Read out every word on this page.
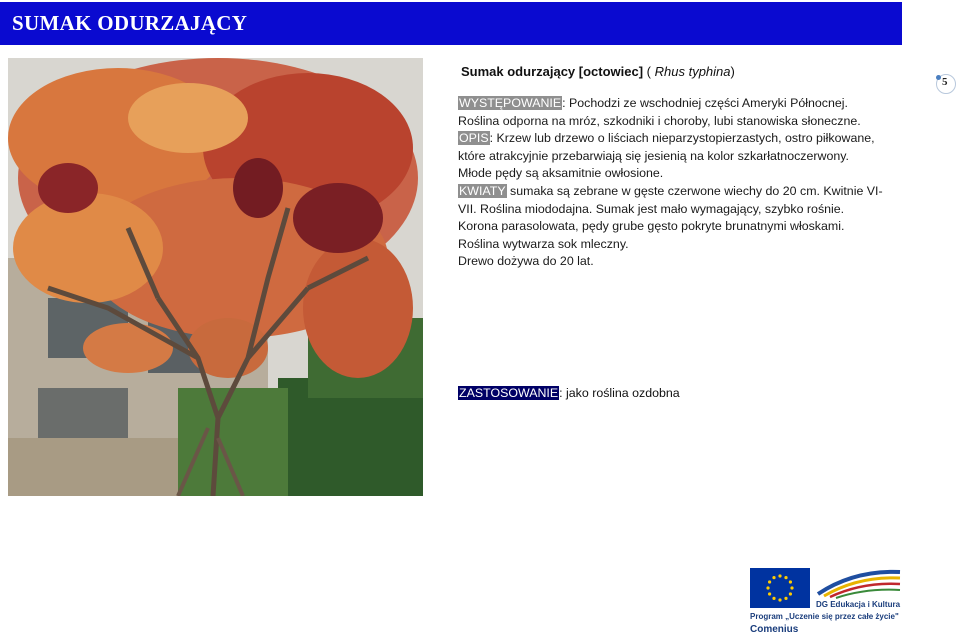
SUMAK ODURZAJĄCY
Sumak odurzający [octowiec] ( Rhus typhina)
5

WYSTĘPOWANIE: Pochodzi ze wschodniej części Ameryki Północnej.

Roślina odporna na mróz, szkodniki i choroby, lubi stanowiska słoneczne.

OPIS: Krzew lub drzewo o liściach nieparzystopierzastych, ostro piłkowane,

które atrakcyjnie przebarwiają się jesienią na kolor szkarłatnoczerwony.

Młode pędy są aksamitnie owłosione.

KWIATY sumaka są zebrane w gęste czerwone wiechy do 20 cm. Kwitnie VI-

VII. Roślina miododajna. Sumak jest mało wymagający, szybko rośnie.

Korona parasolowata, pędy grube gęsto pokryte brunatnymi włoskami.

Roślina wytwarza sok mleczny.

Drewo dożywa do 20 lat.

ZASTOSOWANIE: jako roślina ozdobna
DG Edukacja i Kultura
Program „Uczenie się przez całe życie"
Comenius
